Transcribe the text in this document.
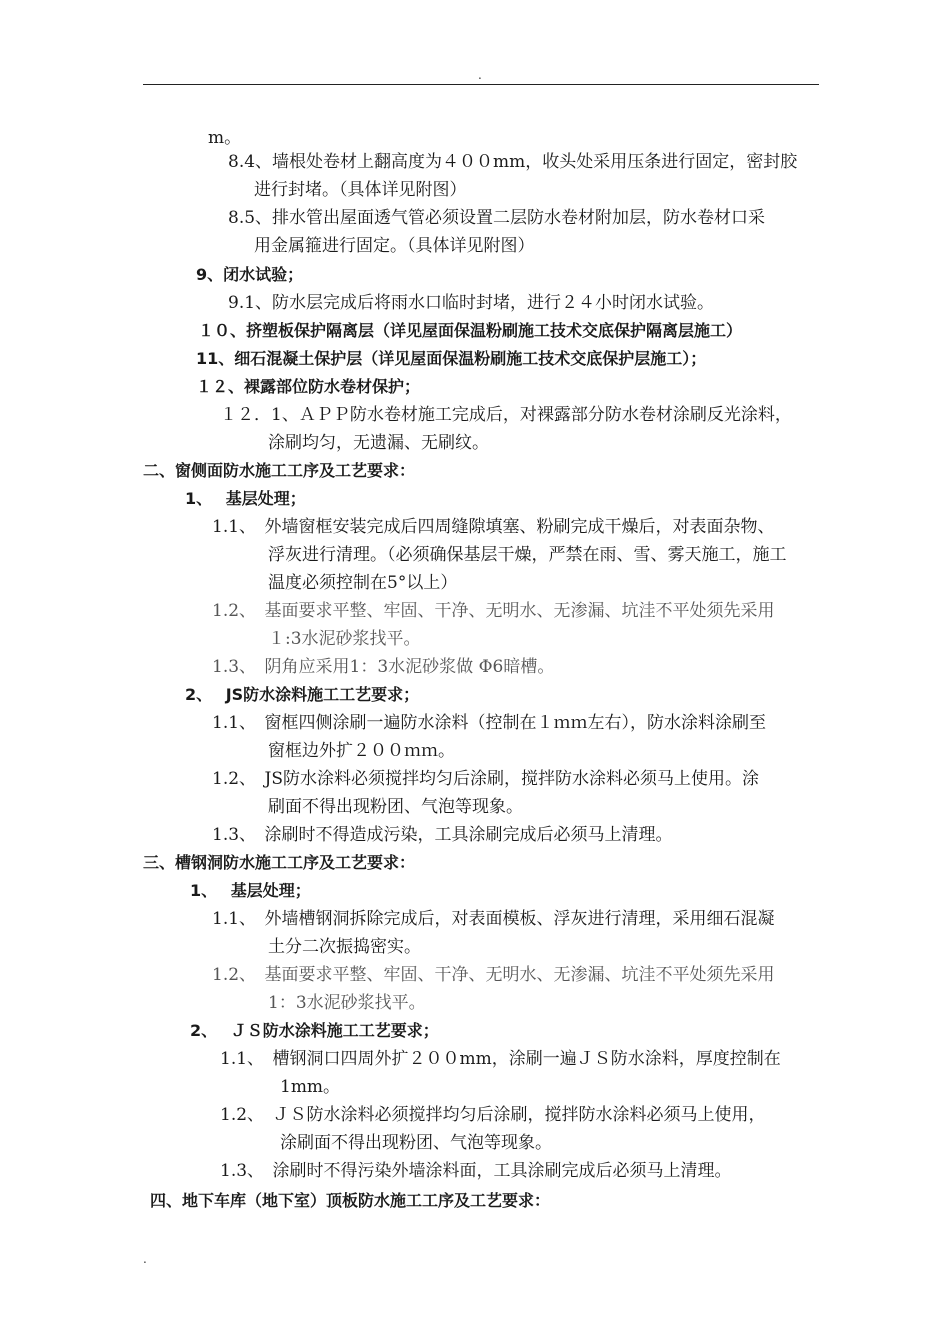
.
m。
8.4、墙根处卷材上翻高度为４００mm，收头处采用压条进行固定，密封胶
进行封堵。（具体详见附图）
8.5、排水管出屋面透气管必须设置二层防水卷材附加层，防水卷材口采
用金属箍进行固定。（具体详见附图）
9、闭水试验；
9.1、防水层完成后将雨水口临时封堵，进行２４小时闭水试验。
１０、挤塑板保护隔离层（详见屋面保温粉刷施工技术交底保护隔离层施工）
11、细石混凝土保护层（详见屋面保温粉刷施工技术交底保护层施工）；
１２、裸露部位防水卷材保护；
１２．1、ＡＰＰ防水卷材施工完成后，对裸露部分防水卷材涂刷反光涂料，
涂刷均匀，无遗漏、无刷纹。
二、窗侧面防水施工工序及工艺要求：
1、　 基层处理；
1.1、　外墙窗框安装完成后四周缝隙填塞、粉刷完成干燥后，对表面杂物、
浮灰进行清理。（必须确保基层干燥，严禁在雨、雪、雾天施工，施工
温度必须控制在5°以上）
1.2、　基面要求平整、牢固、干净、无明水、无渗漏、坑洼不平处须先采用
１:3水泥砂浆找平。
1.3、　阴角应采用1：3水泥砂浆做 Φ6暗槽。
2、　 JS防水涂料施工工艺要求；
1.1、　窗框四侧涂刷一遍防水涂料（控制在１ｍｍ左右），防水涂料涂刷至
窗框边外扩２００ｍｍ。
1.2、　JS防水涂料必须搅拌均匀后涂刷，搅拌防水涂料必须马上使用。涂
刷面不得出现粉团、气泡等现象。
1.3、　涂刷时不得造成污染，工具涂刷完成后必须马上清理。
三、槽钢洞防水施工工序及工艺要求：
1、　 基层处理；
1.1、　外墙槽钢洞拆除完成后，对表面模板、浮灰进行清理，采用细石混凝
土分二次振捣密实。
1.2、　基面要求平整、牢固、干净、无明水、无渗漏、坑洼不平处须先采用
1：3水泥砂浆找平。
2、　 ＪＳ防水涂料施工工艺要求；
1.1、　槽钢洞口四周外扩２００mm，涂刷一遍ＪＳ防水涂料，厚度控制在
1mm。
1.2、　ＪＳ防水涂料必须搅拌均匀后涂刷，搅拌防水涂料必须马上使用，
涂刷面不得出现粉团、气泡等现象。
1.3、　涂刷时不得污染外墙涂料面，工具涂刷完成后必须马上清理。
四、地下车库（地下室）顶板防水施工工序及工艺要求：
.
